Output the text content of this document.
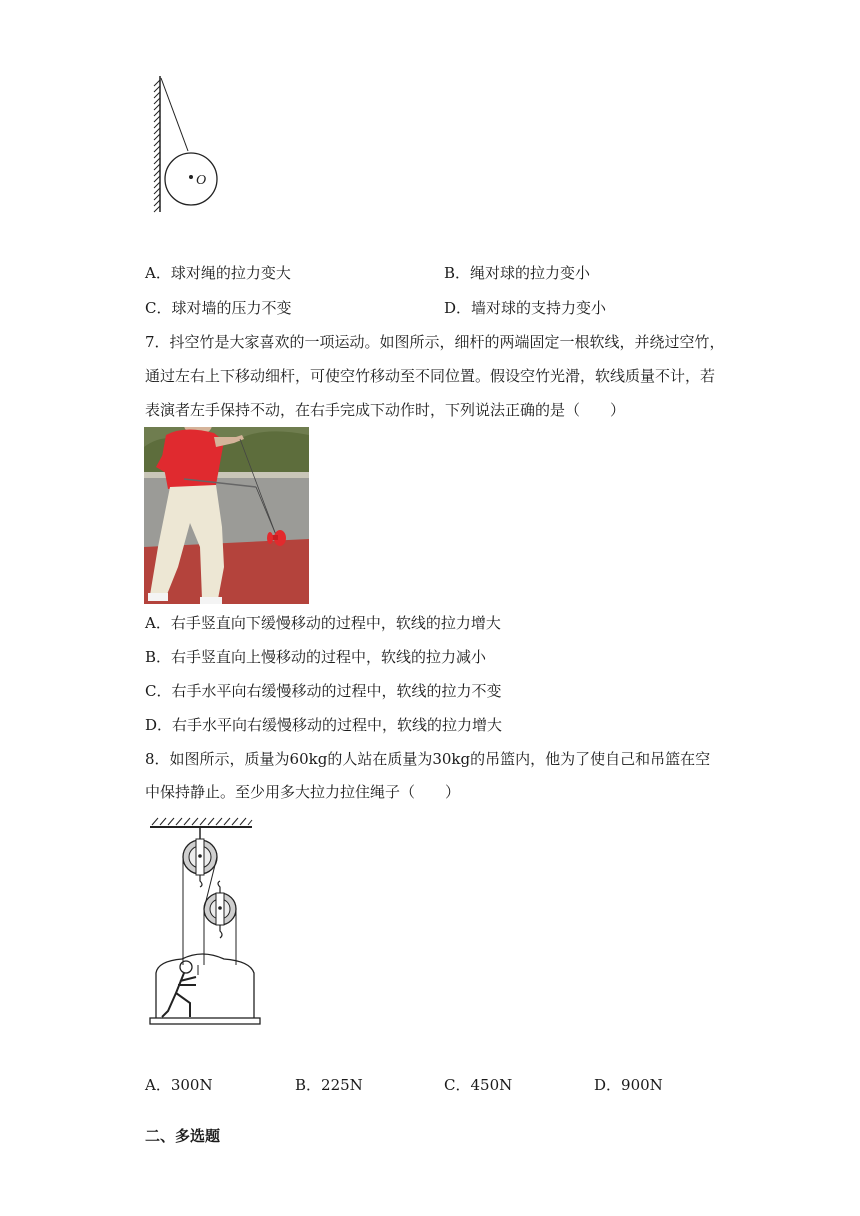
O
A．球对绳的拉力变大	B．绳对球的拉力变小
C．球对墙的压力不变	D．墙对球的支持力变小
7．抖空竹是大家喜欢的一项运动。如图所示，细杆的两端固定一根软线，并绕过空竹，
通过左右上下移动细杆，可使空竹移动至不同位置。假设空竹光滑，软线质量不计，若
表演者左手保持不动，在右手完成下动作时，下列说法正确的是（　　）
A．右手竖直向下缓慢移动的过程中，软线的拉力增大
B．右手竖直向上慢移动的过程中，软线的拉力减小
C．右手水平向右缓慢移动的过程中，软线的拉力不变
D．右手水平向右缓慢移动的过程中，软线的拉力增大
8．如图所示，质量为60kg的人站在质量为30kg的吊篮内，他为了使自己和吊篮在空
中保持静止。至少用多大拉力拉住绳子（　　）
A．300N	B．225N	C．450N	D．900N
二、多选题
